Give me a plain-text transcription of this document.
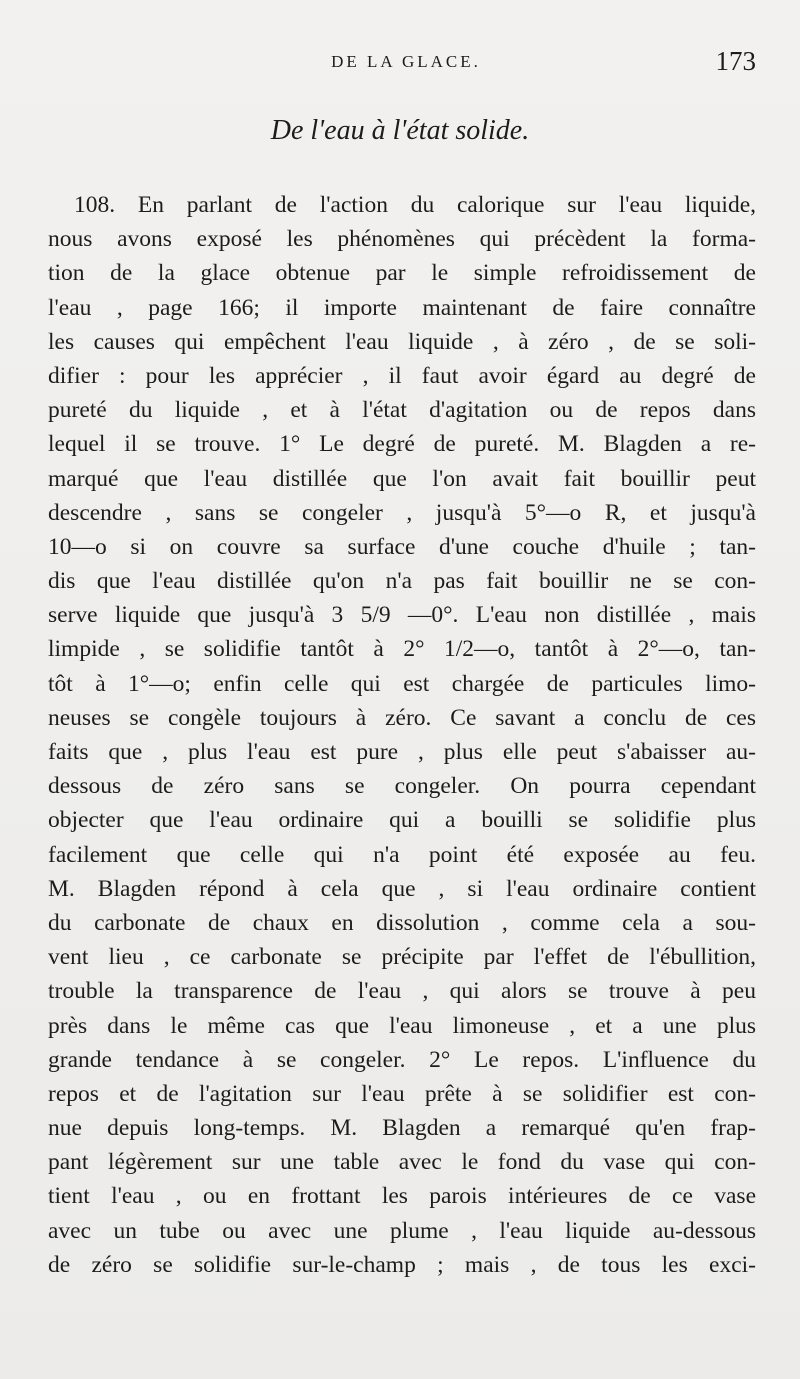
DE LA GLACE.	173
De l'eau à l'état solide.
108. En parlant de l'action du calorique sur l'eau liquide,
nous avons exposé les phénomènes qui précèdent la forma-
tion de la glace obtenue par le simple refroidissement de
l'eau , page 166; il importe maintenant de faire connaître
les causes qui empêchent l'eau liquide , à zéro , de se soli-
difier : pour les apprécier , il faut avoir égard au degré de
pureté du liquide , et à l'état d'agitation ou de repos dans
lequel il se trouve. 1° Le degré de pureté. M. Blagden a re-
marqué que l'eau distillée que l'on avait fait bouillir peut
descendre , sans se congeler , jusqu'à 5°—o R, et jusqu'à
10—o si on couvre sa surface d'une couche d'huile ; tan-
dis que l'eau distillée qu'on n'a pas fait bouillir ne se con-
serve liquide que jusqu'à 3 5/9 —0°. L'eau non distillée , mais
limpide , se solidifie tantôt à 2° 1/2—o, tantôt à 2°—o, tan-
tôt à 1°—o; enfin celle qui est chargée de particules limo-
neuses se congèle toujours à zéro. Ce savant a conclu de ces
faits que , plus l'eau est pure , plus elle peut s'abaisser au-
dessous de zéro sans se congeler. On pourra cependant
objecter que l'eau ordinaire qui a bouilli se solidifie plus
facilement que celle qui n'a point été exposée au feu.
M. Blagden répond à cela que , si l'eau ordinaire contient
du carbonate de chaux en dissolution , comme cela a sou-
vent lieu , ce carbonate se précipite par l'effet de l'ébullition,
trouble la transparence de l'eau , qui alors se trouve à peu
près dans le même cas que l'eau limoneuse , et a une plus
grande tendance à se congeler. 2° Le repos. L'influence du
repos et de l'agitation sur l'eau prête à se solidifier est con-
nue depuis long-temps. M. Blagden a remarqué qu'en frap-
pant légèrement sur une table avec le fond du vase qui con-
tient l'eau , ou en frottant les parois intérieures de ce vase
avec un tube ou avec une plume , l'eau liquide au-dessous
de zéro se solidifie sur-le-champ ; mais , de tous les exci-
